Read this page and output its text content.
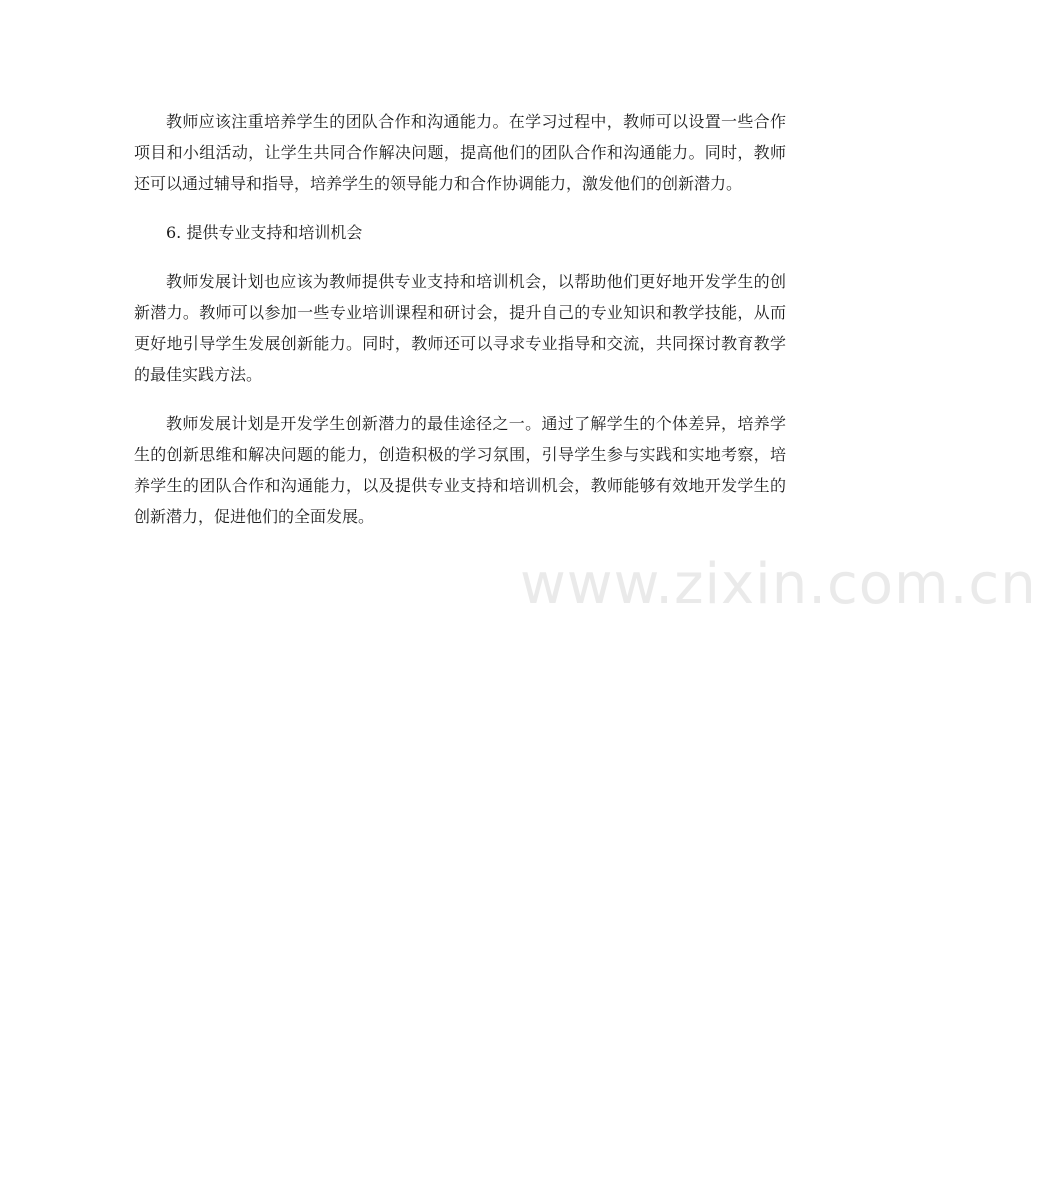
教师应该注重培养学生的团队合作和沟通能力。在学习过程中，教师可以设置一些合作项目和小组活动，让学生共同合作解决问题，提高他们的团队合作和沟通能力。同时，教师还可以通过辅导和指导，培养学生的领导能力和合作协调能力，激发他们的创新潜力。

6. 提供专业支持和培训机会

教师发展计划也应该为教师提供专业支持和培训机会，以帮助他们更好地开发学生的创新潜力。教师可以参加一些专业培训课程和研讨会，提升自己的专业知识和教学技能，从而更好地引导学生发展创新能力。同时，教师还可以寻求专业指导和交流，共同探讨教育教学的最佳实践方法。

教师发展计划是开发学生创新潜力的最佳途径之一。通过了解学生的个体差异，培养学生的创新思维和解决问题的能力，创造积极的学习氛围，引导学生参与实践和实地考察，培养学生的团队合作和沟通能力，以及提供专业支持和培训机会，教师能够有效地开发学生的创新潜力，促进他们的全面发展。

www.zixin.com.cn
